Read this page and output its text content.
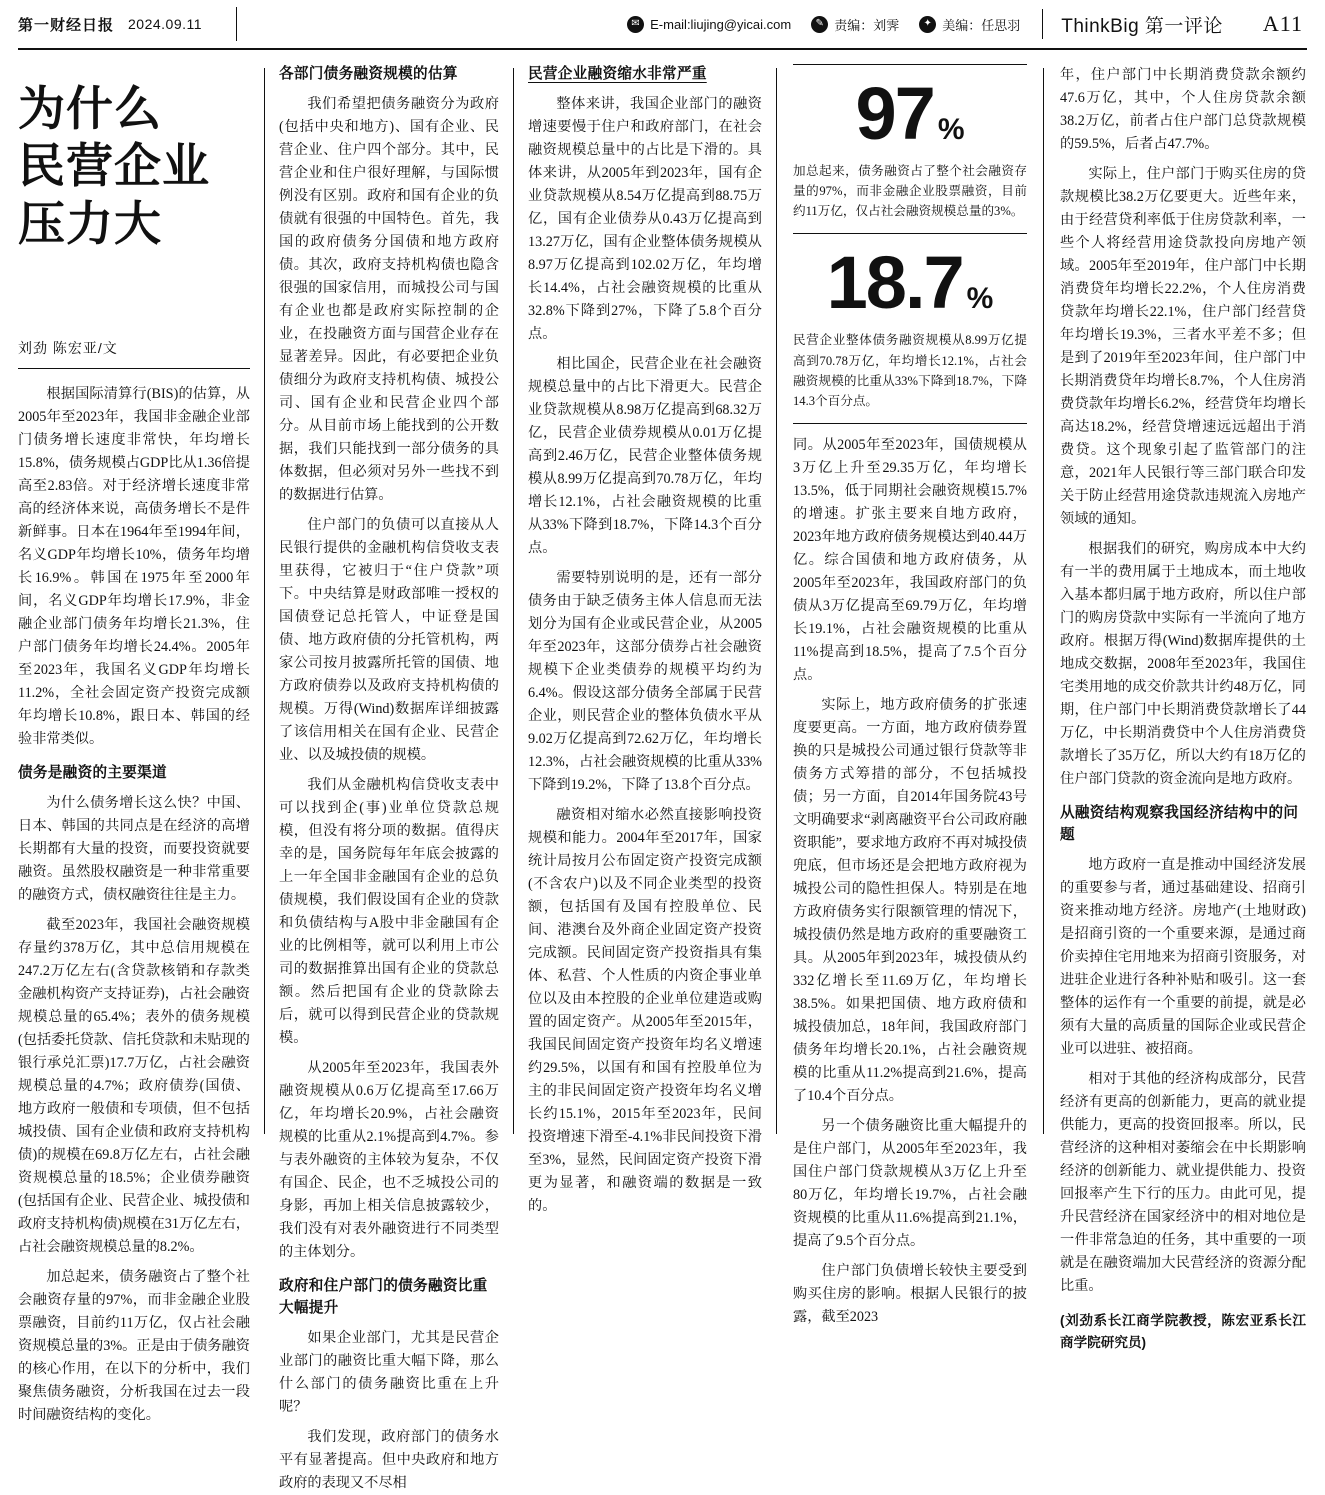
第一财经日报 2024.09.11	✉ E-mail:liujing@yicai.com	✎ 责编：刘霁	✦ 美编：任思羽 ThinkBig 第一评论 A11
为什么
民营企业压力大
刘劲 陈宏亚/文

根据国际清算行(BIS)的估算，从2005年至2023年，我国非金融企业部门债务增长速度非常快，年均增长15.8%，债务规模占GDP比从1.36倍提高至2.83倍。对于经济增长速度非常高的经济体来说，高债务增长不是件新鲜事。日本在1964年至1994年间，名义GDP年均增长10%，债务年均增长16.9%。韩国在1975年至2000年间，名义GDP年均增长17.9%，非金融企业部门债务年均增长21.3%，住户部门债务年均增长24.4%。2005年至2023年，我国名义GDP年均增长11.2%，全社会固定资产投资完成额年均增长10.8%，跟日本、韩国的经验非常类似。

债务是融资的主要渠道

为什么债务增长这么快？中国、日本、韩国的共同点是在经济的高增长期都有大量的投资，而要投资就要融资。虽然股权融资是一种非常重要的融资方式，债权融资往往是主力。

截至2023年，我国社会融资规模存量约378万亿，其中总信用规模在247.2万亿左右(含贷款核销和存款类金融机构资产支持证券)，占社会融资规模总量的65.4%；表外的债务规模(包括委托贷款、信托贷款和未贴现的银行承兑汇票)17.7万亿，占社会融资规模总量的4.7%；政府债券(国债、地方政府一般债和专项债，但不包括城投债、国有企业债和政府支持机构债)的规模在69.8万亿左右，占社会融资规模总量的18.5%；企业债券融资(包括国有企业、民营企业、城投债和政府支持机构债)规模在31万亿左右，占社会融资规模总量的8.2%。

加总起来，债务融资占了整个社会融资存量的97%，而非金融企业股票融资，目前约11万亿，仅占社会融资规模总量的3%。正是由于债务融资的核心作用，在以下的分析中，我们聚焦债务融资，分析我国在过去一段时间融资结构的变化。

各部门债务融资规模的估算

我们希望把债务融资分为政府(包括中央和地方)、国有企业、民营企业、住户四个部分。其中，民营企业和住户很好理解，与国际惯例没有区别。政府和国有企业的负债就有很强的中国特色。首先，我国的政府债务分国债和地方政府债。其次，政府支持机构债也隐含很强的国家信用，而城投公司与国有企业也都是政府实际控制的企业，在投融资方面与国营企业存在显著差异。因此，有必要把企业负债细分为政府支持机构债、城投公司、国有企业和民营企业四个部分。从目前市场上能找到的公开数据，我们只能找到一部分债务的具体数据，但必须对另外一些找不到的数据进行估算。

住户部门的负债可以直接从人民银行提供的金融机构信贷收支表里获得，它被归于“住户贷款”项下。中央结算是财政部唯一授权的国债登记总托管人，中证登是国债、地方政府债的分托管机构，两家公司按月披露所托管的国债、地方政府债券以及政府支持机构债的规模。万得(Wind)数据库详细披露了该信用相关在国有企业、民营企业、以及城投债的规模。

我们从金融机构信贷收支表中可以找到企(事)业单位贷款总规模，但没有将分项的数据。值得庆幸的是，国务院每年年底会披露的上一年全国非金融国有企业的总负债规模，我们假设国有企业的贷款和负债结构与A股中非金融国有企业的比例相等，就可以利用上市公司的数据推算出国有企业的贷款总额。然后把国有企业的贷款除去后，就可以得到民营企业的贷款规模。

从2005年至2023年，我国表外融资规模从0.6万亿提高至17.66万亿，年均增长20.9%，占社会融资规模的比重从2.1%提高到4.7%。参与表外融资的主体较为复杂，不仅有国企、民企，也不乏城投公司的身影，再加上相关信息披露较少，我们没有对表外融资进行不同类型的主体划分。

政府和住户部门的债务融资比重大幅提升

如果企业部门，尤其是民营企业部门的融资比重大幅下降，那么什么部门的债务融资比重在上升呢？

我们发现，政府部门的债务水平有显著提高。但中央政府和地方政府的表现又不尽相

民营企业融资缩水非常严重

整体来讲，我国企业部门的融资增速要慢于住户和政府部门，在社会融资规模总量中的占比是下滑的。具体来讲，从2005年到2023年，国有企业贷款规模从8.54万亿提高到88.75万亿，国有企业债券从0.43万亿提高到13.27万亿，国有企业整体债务规模从8.97万亿提高到102.02万亿，年均增长14.4%，占社会融资规模的比重从32.8%下降到27%，下降了5.8个百分点。

相比国企，民营企业在社会融资规模总量中的占比下滑更大。民营企业贷款规模从8.98万亿提高到68.32万亿，民营企业债券规模从0.01万亿提高到2.46万亿，民营企业整体债务规模从8.99万亿提高到70.78万亿，年均增长12.1%，占社会融资规模的比重从33%下降到18.7%，下降14.3个百分点。

需要特别说明的是，还有一部分债务由于缺乏债务主体人信息而无法划分为国有企业或民营企业，从2005年至2023年，这部分债券占社会融资规模下企业类债券的规模平均约为6.4%。假设这部分债务全部属于民营企业，则民营企业的整体负债水平从9.02万亿提高到72.62万亿，年均增长12.3%，占社会融资规模的比重从33%下降到19.2%，下降了13.8个百分点。

融资相对缩水必然直接影响投资规模和能力。2004年至2017年，国家统计局按月公布固定资产投资完成额(不含农户)以及不同企业类型的投资额，包括国有及国有控股单位、民间、港澳台及外商企业固定资产投资完成额。民间固定资产投资指具有集体、私营、个人性质的内资企事业单位以及由本控股的企业单位建造或购置的固定资产。从2005年至2015年，我国民间固定资产投资年均名义增速约29.5%，以国有和国有控股单位为主的非民间固定资产投资年均名义增长约15.1%，2015年至2023年，民间投资增速下滑至-4.1%非民间投资下滑至3%，显然，民间固定资产投资下滑更为显著，和融资端的数据是一致的。

97 %

加总起来，债务融资占了整个社会融资存量的97%，而非金融企业股票融资，目前约11万亿，仅占社会融资规模总量的3%。

18.7 %

民营企业整体债务融资规模从8.99万亿提高到70.78万亿，年均增长12.1%，占社会融资规模的比重从33%下降到18.7%，下降14.3个百分点。

同。从2005年至2023年，国债规模从3万亿上升至29.35万亿，年均增长13.5%，低于同期社会融资规模15.7%的增速。扩张主要来自地方政府，2023年地方政府债务规模达到40.44万亿。综合国债和地方政府债务，从2005年至2023年，我国政府部门的负债从3万亿提高至69.79万亿，年均增长19.1%，占社会融资规模的比重从11%提高到18.5%，提高了7.5个百分点。

实际上，地方政府债务的扩张速度要更高。一方面，地方政府债券置换的只是城投公司通过银行贷款等非债务方式筹措的部分，不包括城投债；另一方面，自2014年国务院43号文明确要求“剥离融资平台公司政府融资职能”，要求地方政府不再对城投债兜底，但市场还是会把地方政府视为城投公司的隐性担保人。特别是在地方政府债务实行限额管理的情况下，城投债仍然是地方政府的重要融资工具。从2005年到2023年，城投债从约332亿增长至11.69万亿，年均增长38.5%。如果把国债、地方政府债和城投债加总，18年间，我国政府部门债务年均增长20.1%，占社会融资规模的比重从11.2%提高到21.6%，提高了10.4个百分点。

另一个债务融资比重大幅提升的是住户部门，从2005年至2023年，我国住户部门贷款规模从3万亿上升至80万亿，年均增长19.7%，占社会融资规模的比重从11.6%提高到21.1%，提高了9.5个百分点。

住户部门负债增长较快主要受到购买住房的影响。根据人民银行的披露，截至2023

年，住户部门中长期消费贷款余额约47.6万亿，其中，个人住房贷款余额38.2万亿，前者占住户部门总贷款规模的59.5%，后者占47.7%。

实际上，住户部门于购买住房的贷款规模比38.2万亿要更大。近些年来，由于经营贷利率低于住房贷款利率，一些个人将经营用途贷款投向房地产领域。2005年至2019年，住户部门中长期消费贷年均增长22.2%，个人住房消费贷款年均增长22.1%，住户部门经营贷年均增长19.3%，三者水平差不多；但是到了2019年至2023年间，住户部门中长期消费贷年均增长8.7%，个人住房消费贷款年均增长6.2%，经营贷年均增长高达18.2%，经营贷增速远远超出于消费贷。这个现象引起了监管部门的注意，2021年人民银行等三部门联合印发关于防止经营用途贷款违规流入房地产领域的通知。

根据我们的研究，购房成本中大约有一半的费用属于土地成本，而土地收入基本都归属于地方政府，所以住户部门的购房贷款中实际有一半流向了地方政府。根据万得(Wind)数据库提供的土地成交数据，2008年至2023年，我国住宅类用地的成交价款共计约48万亿，同期，住户部门中长期消费贷款增长了44万亿，中长期消费贷中个人住房消费贷款增长了35万亿，所以大约有18万亿的住户部门贷款的资金流向是地方政府。

从融资结构观察我国经济结构中的问题

地方政府一直是推动中国经济发展的重要参与者，通过基础建设、招商引资来推动地方经济。房地产(土地财政)是招商引资的一个重要来源，是通过商价卖掉住宅用地来为招商引资服务，对进驻企业进行各种补贴和吸引。这一套整体的运作有一个重要的前提，就是必须有大量的高质量的国际企业或民营企业可以进驻、被招商。

相对于其他的经济构成部分，民营经济有更高的创新能力，更高的就业提供能力，更高的投资回报率。所以，民营经济的这种相对萎缩会在中长期影响经济的创新能力、就业提供能力、投资回报率产生下行的压力。由此可见，提升民营经济在国家经济中的相对地位是一件非常急迫的任务，其中重要的一项就是在融资端加大民营经济的资源分配比重。

(刘劲系长江商学院教授，陈宏亚系长江商学院研究员)
